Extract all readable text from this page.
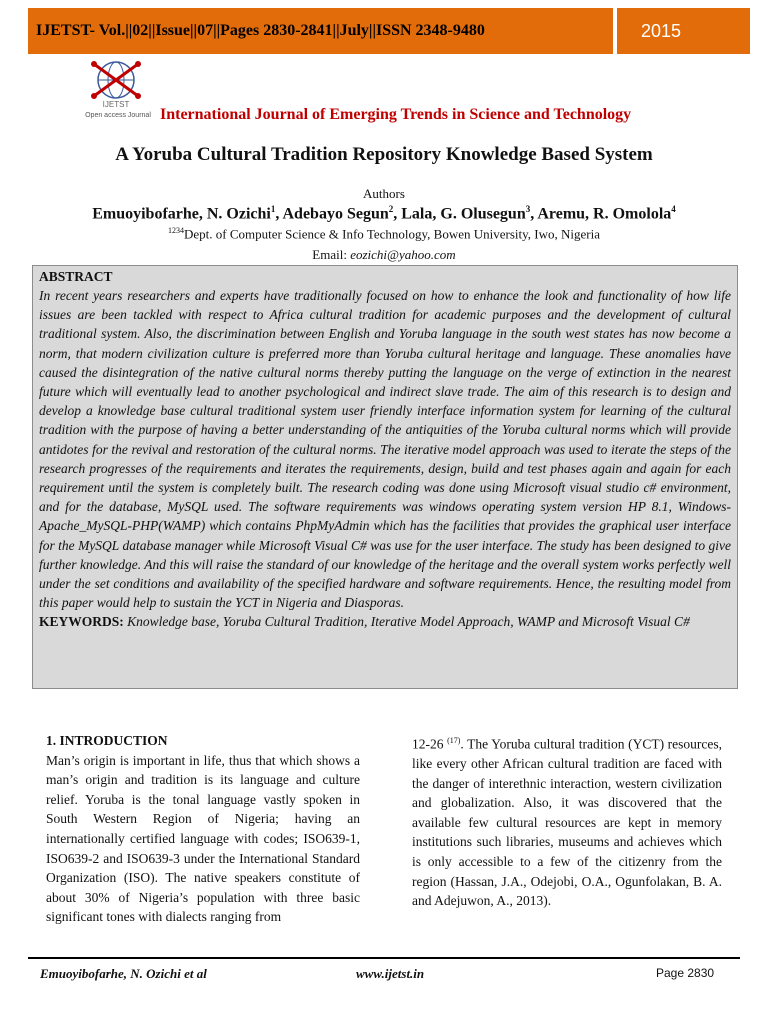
IJETST- Vol.||02||Issue||07||Pages 2830-2841||July||ISSN 2348-9480	2015
IJETST
Open access Journal International Journal of Emerging Trends in Science and Technology
A Yoruba Cultural Tradition Repository Knowledge Based System
Authors
Emuoyibofarhe, N. Ozichi$^1$, Adebayo Segun$^2$, Lala, G. Olusegun$^3$, Aremu, R. Omolola$^4$
$^{1234}$Dept. of Computer Science & Info Technology, Bowen University, Iwo, Nigeria
Email: eozichi@yahoo.com
ABSTRACT
In recent years researchers and experts have traditionally focused on how to enhance the look and functionality of how life issues are been tackled with respect to Africa cultural tradition for academic purposes and the development of cultural traditional system. Also, the discrimination between English and Yoruba language in the south west states has now become a norm, that modern civilization culture is preferred more than Yoruba cultural heritage and language. These anomalies have caused the disintegration of the native cultural norms thereby putting the language on the verge of extinction in the nearest future which will eventually lead to another psychological and indirect slave trade. The aim of this research is to design and develop a knowledge base cultural traditional system user friendly interface information system for learning of the cultural tradition with the purpose of having a better understanding of the antiquities of the Yoruba cultural norms which will provide antidotes for the revival and restoration of the cultural norms. The iterative model approach was used to iterate the steps of the research progresses of the requirements and iterates the requirements, design, build and test phases again and again for each requirement until the system is completely built. The research coding was done using Microsoft visual studio c# environment, and for the database, MySQL used. The software requirements was windows operating system version HP 8.1, Windows-Apache_MySQL-PHP(WAMP) which contains PhpMyAdmin which has the facilities that provides the graphical user interface for the MySQL database manager while Microsoft Visual C# was use for the user interface. The study has been designed to give further knowledge. And this will raise the standard of our knowledge of the heritage and the overall system works perfectly well under the set conditions and availability of the specified hardware and software requirements. Hence, the resulting model from this paper would help to sustain the YCT in Nigeria and Diasporas.
KEYWORDS: Knowledge base, Yoruba Cultural Tradition, Iterative Model Approach, WAMP and Microsoft Visual C#
1. INTRODUCTION
Man’s origin is important in life, thus that which shows a man’s origin and tradition is its language and culture relief. Yoruba is the tonal language vastly spoken in South Western Region of Nigeria; having an internationally certified language with codes; ISO639-1, ISO639-2 and ISO639-3 under the International Standard Organization (ISO). The native speakers constitute of about 30% of Nigeria’s population with three basic significant tones with dialects ranging from
12-26 $^{(17)}$. The Yoruba cultural tradition (YCT) resources, like every other African cultural tradition are faced with the danger of interethnic interaction, western civilization and globalization. Also, it was discovered that the available few cultural resources are kept in memory institutions such libraries, museums and achieves which is only accessible to a few of the citizenry from the region (Hassan, J.A., Odejobi, O.A., Ogunfolakan, B. A. and Adejuwon, A., 2013).
Emuoyibofarhe, N. Ozichi et al	www.ijetst.in	Page 2830
